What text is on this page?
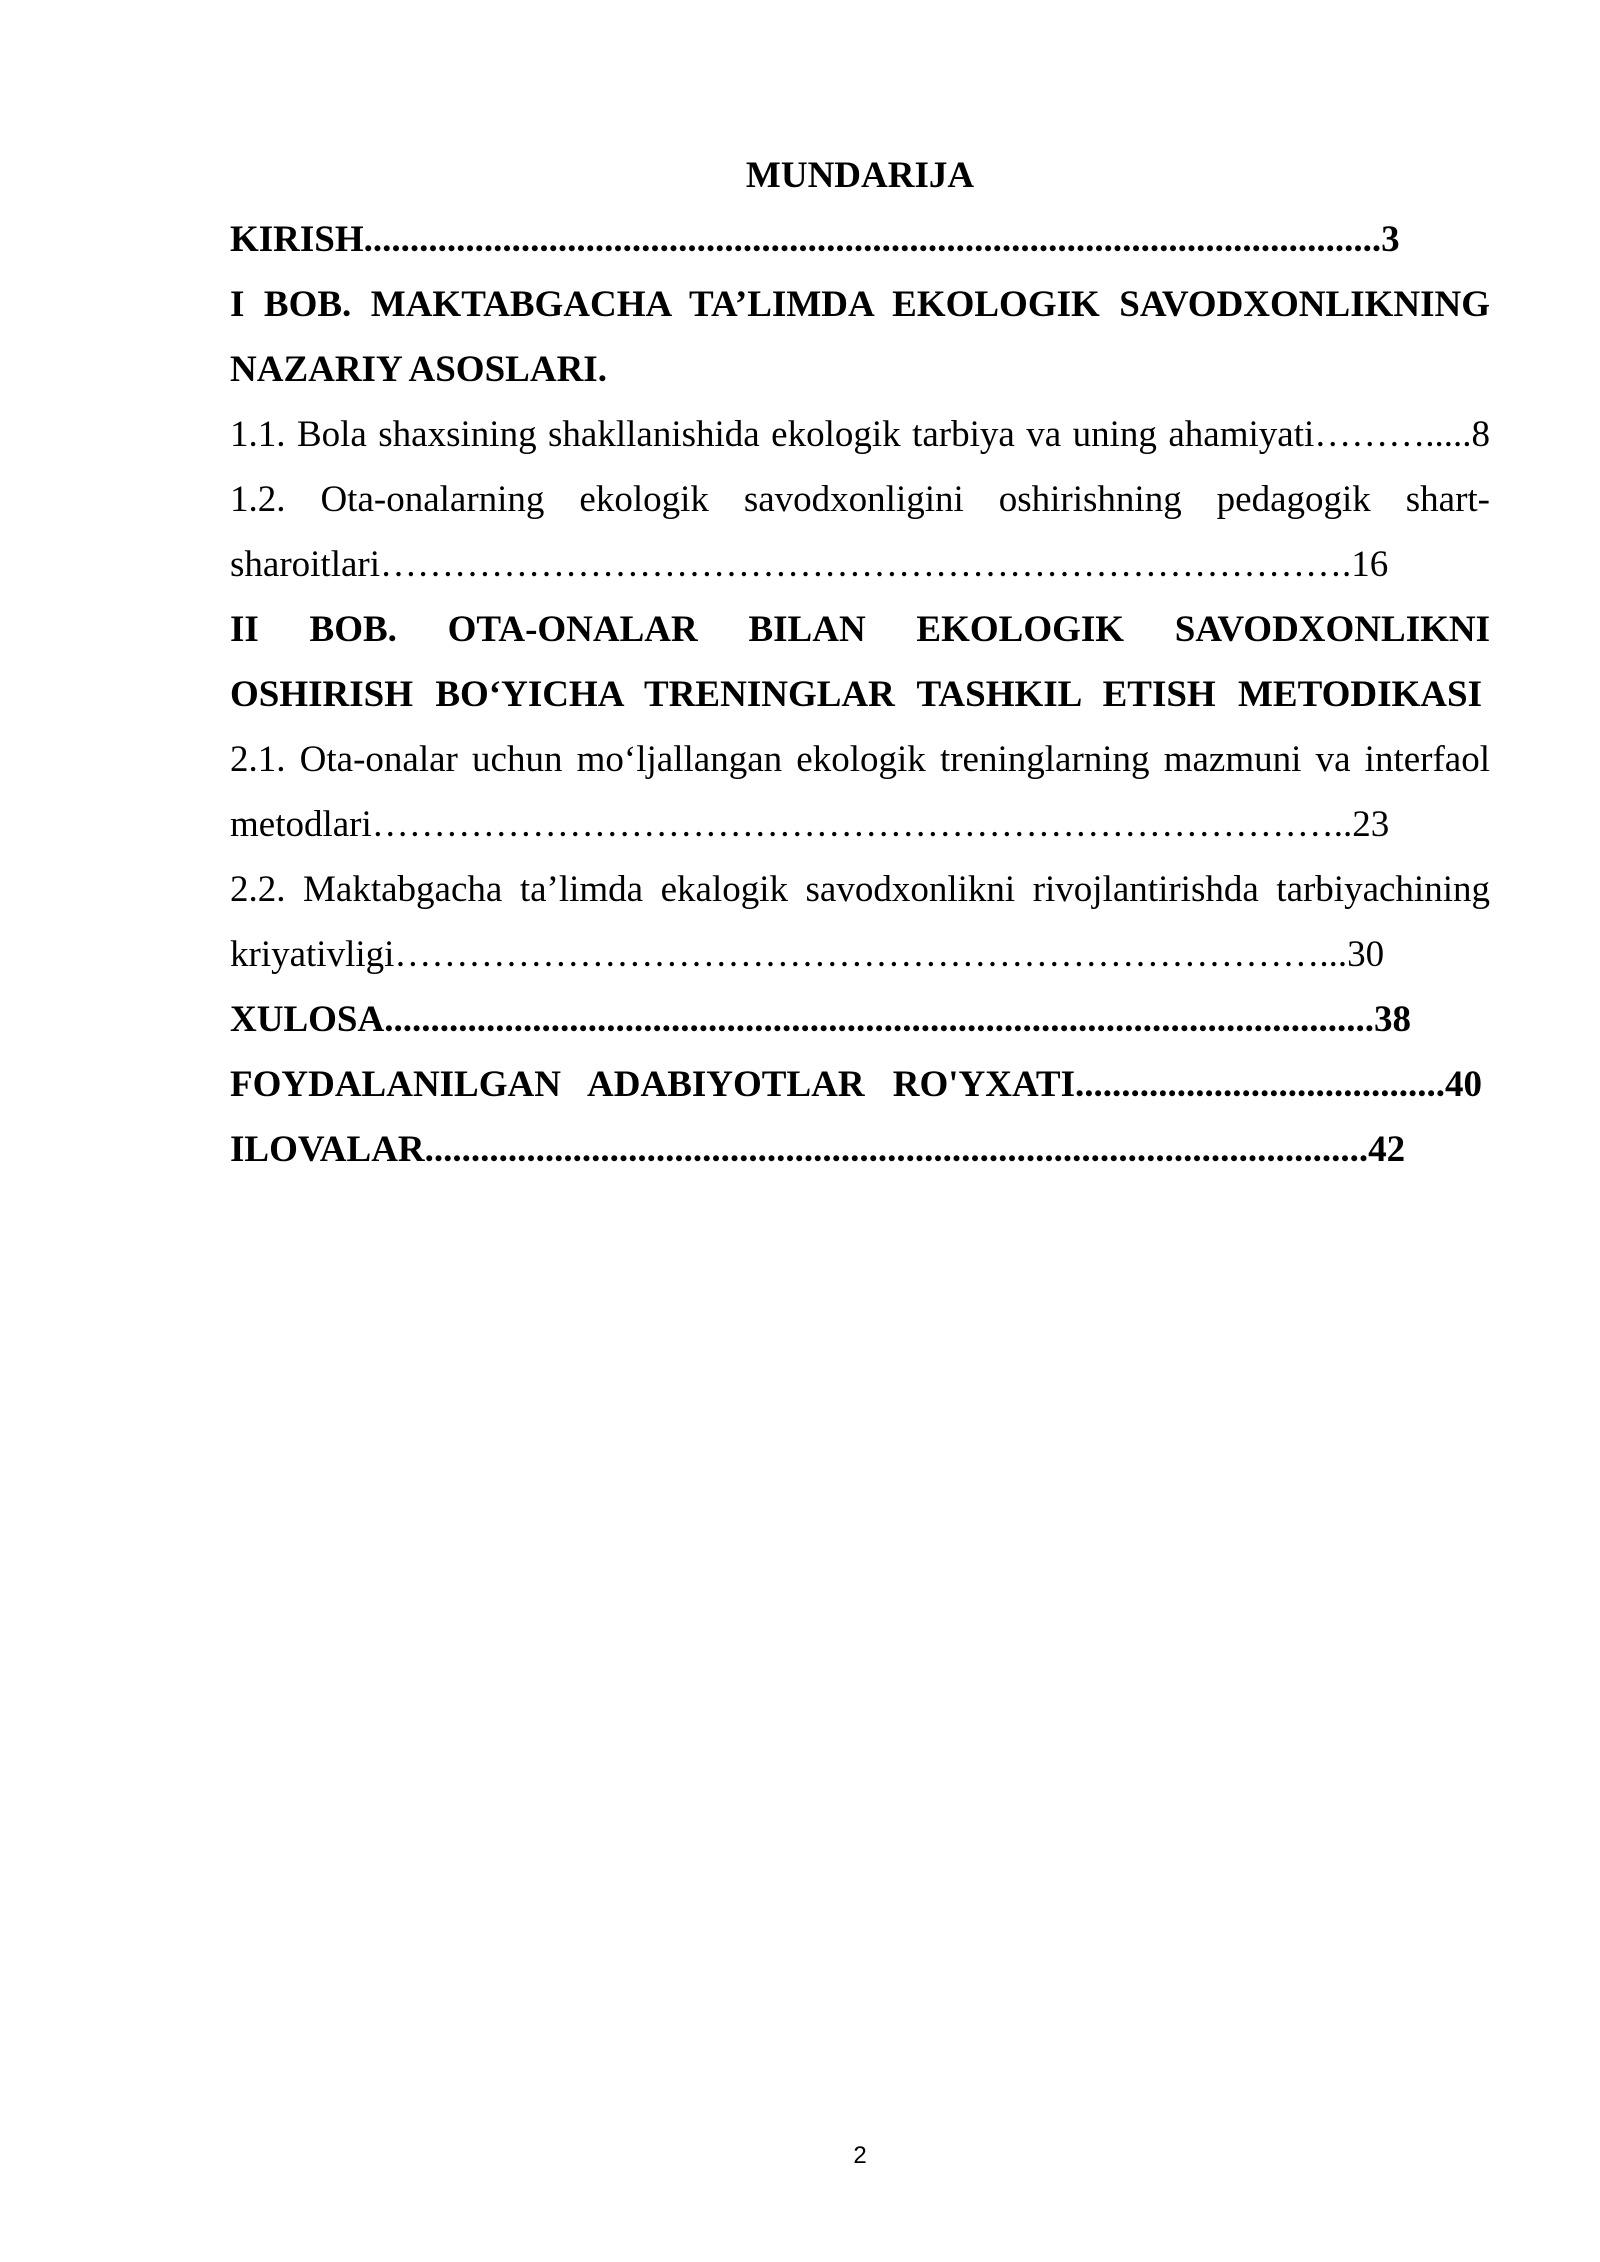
MUNDARIJA
KIRISH..............................................................................................................3
I BOB. MAKTABGACHA TA’LIMDA EKOLOGIK SAVODXONLIKNING
NAZARIY ASOSLARI.
1.1. Bola shaxsining shakllanishida ekologik tarbiya va uning ahamiyati……….....8
1.2. Ota-onalarning ekologik savodxonligini oshirishning pedagogik shart-
sharoitlari…………………………………………………………………….16
II BOB. OTA-ONALAR BILAN EKOLOGIK SAVODXONLIKNI
OSHIRISH BO‘YICHA TRENINGLAR TASHKIL ETISH METODIKASI
2.1. Ota-onalar uchun mo‘ljallangan ekologik treninglarning mazmuni va interfaol
metodlari……………………………………………………………………..23
2.2. Maktabgacha ta’limda ekalogik savodxonlikni rivojlantirishda tarbiyachining
kriyativligi…………………………………………………………………...30
XULOSA...........................................................................................................38
FOYDALANILGAN ADABIYOTLAR RO'YXATI........................................40
ILOVALAR......................................................................................................42
2
